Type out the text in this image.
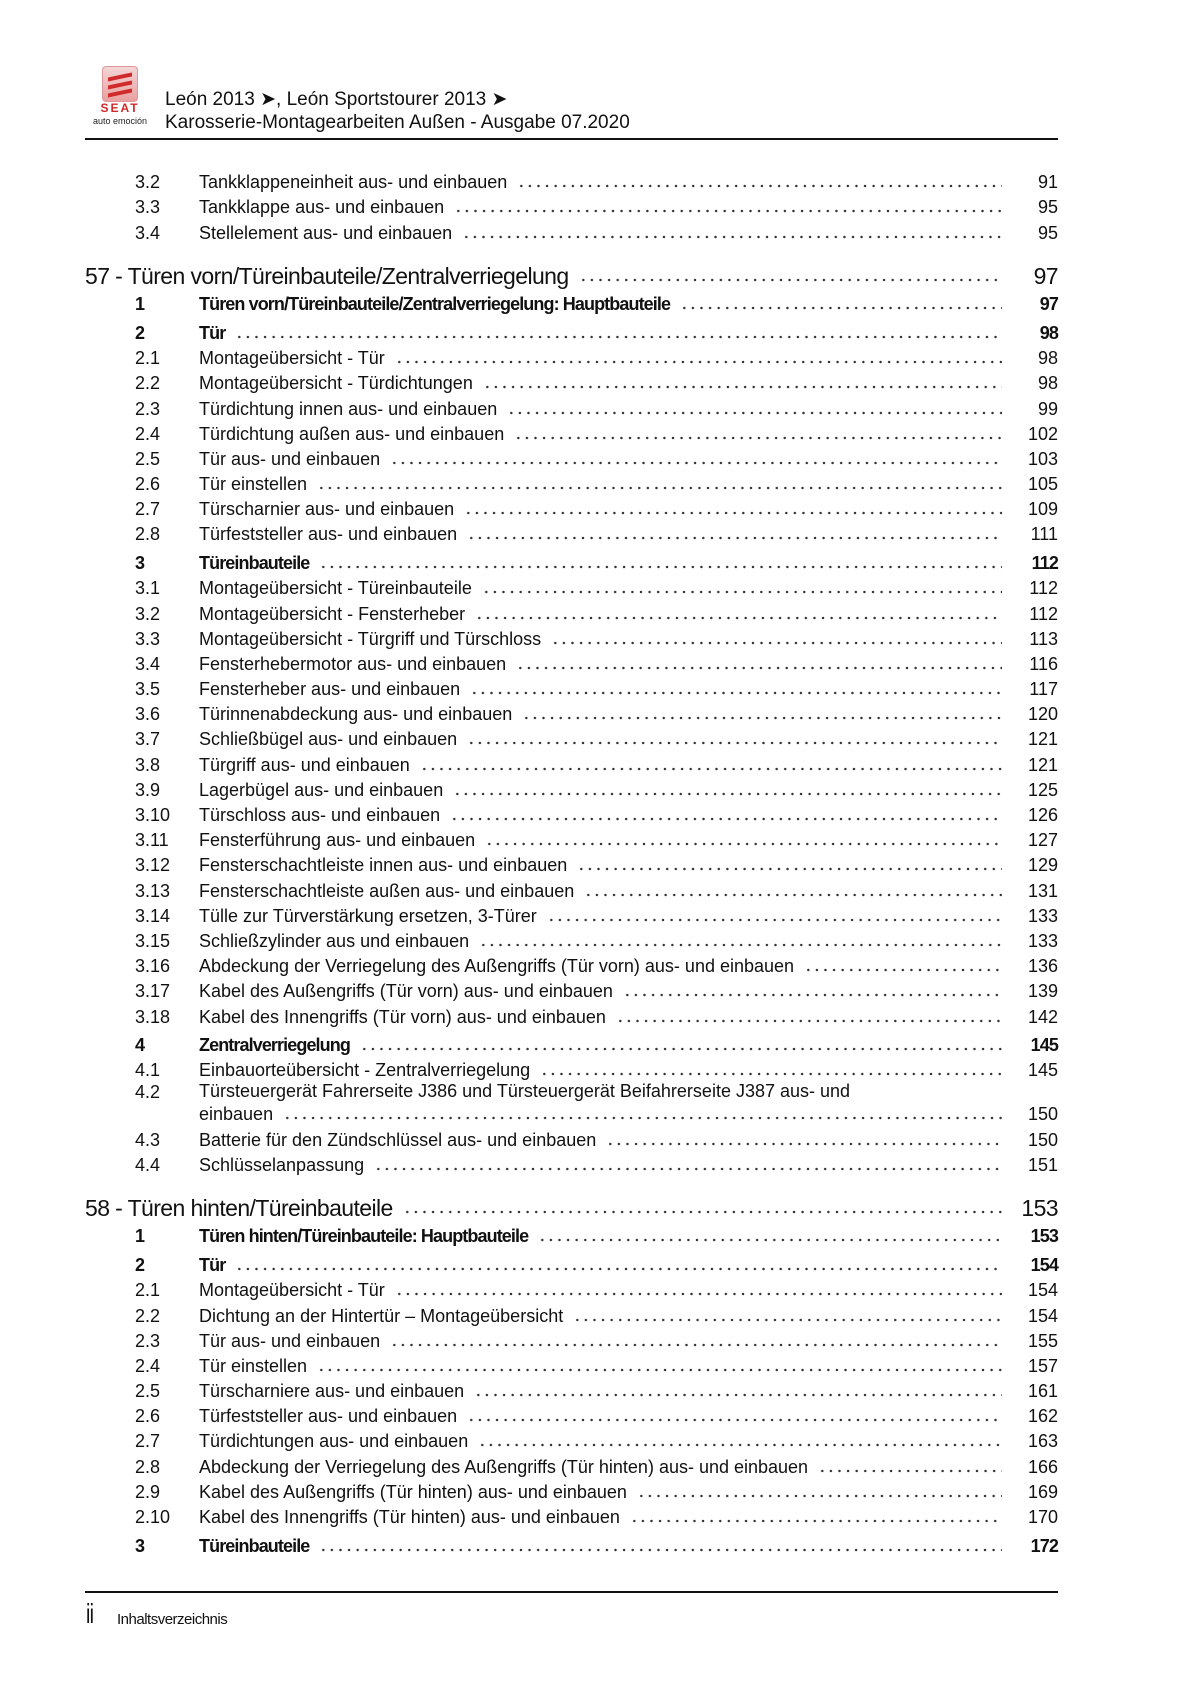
SEAT
auto emoción
León 2013 ➤, León Sportstourer 2013 ➤
Karosserie-Montagearbeiten Außen - Ausgabe 07.2020
3.2	Tankklappeneinheit aus- und einbauen	91
3.3	Tankklappe aus- und einbauen	95
3.4	Stellelement aus- und einbauen	95
57 - Türen vorn/Türeinbauteile/Zentralverriegelung	97
1	Türen vorn/Türeinbauteile/Zentralverriegelung: Hauptbauteile	97
2	Tür	98
2.1	Montageübersicht - Tür	98
2.2	Montageübersicht - Türdichtungen	98
2.3	Türdichtung innen aus- und einbauen	99
2.4	Türdichtung außen aus- und einbauen	102
2.5	Tür aus- und einbauen	103
2.6	Tür einstellen	105
2.7	Türscharnier aus- und einbauen	109
2.8	Türfeststeller aus- und einbauen	111
3	Türeinbauteile	112
3.1	Montageübersicht - Türeinbauteile	112
3.2	Montageübersicht - Fensterheber	112
3.3	Montageübersicht - Türgriff und Türschloss	113
3.4	Fensterhebermotor aus- und einbauen	116
3.5	Fensterheber aus- und einbauen	117
3.6	Türinnenabdeckung aus- und einbauen	120
3.7	Schließbügel aus- und einbauen	121
3.8	Türgriff aus- und einbauen	121
3.9	Lagerbügel aus- und einbauen	125
3.10	Türschloss aus- und einbauen	126
3.11	Fensterführung aus- und einbauen	127
3.12	Fensterschachtleiste innen aus- und einbauen	129
3.13	Fensterschachtleiste außen aus- und einbauen	131
3.14	Tülle zur Türverstärkung ersetzen, 3-Türer	133
3.15	Schließzylinder aus und einbauen	133
3.16	Abdeckung der Verriegelung des Außengriffs (Tür vorn) aus- und einbauen	136
3.17	Kabel des Außengriffs (Tür vorn) aus- und einbauen	139
3.18	Kabel des Innengriffs (Tür vorn) aus- und einbauen	142
4	Zentralverriegelung	145
4.1	Einbauorteübersicht - Zentralverriegelung	145
4.2	Türsteuergerät Fahrerseite J386 und Türsteuergerät Beifahrerseite J387 aus- und
einbauen	150
4.3	Batterie für den Zündschlüssel aus- und einbauen	150
4.4	Schlüsselanpassung	151
58 - Türen hinten/Türeinbauteile	153
1	Türen hinten/Türeinbauteile: Hauptbauteile	153
2	Tür	154
2.1	Montageübersicht - Tür	154
2.2	Dichtung an der Hintertür – Montageübersicht	154
2.3	Tür aus- und einbauen	155
2.4	Tür einstellen	157
2.5	Türscharniere aus- und einbauen	161
2.6	Türfeststeller aus- und einbauen	162
2.7	Türdichtungen aus- und einbauen	163
2.8	Abdeckung der Verriegelung des Außengriffs (Tür hinten) aus- und einbauen	166
2.9	Kabel des Außengriffs (Tür hinten) aus- und einbauen	169
2.10	Kabel des Innengriffs (Tür hinten) aus- und einbauen	170
3	Türeinbauteile	172
ii Inhaltsverzeichnis
